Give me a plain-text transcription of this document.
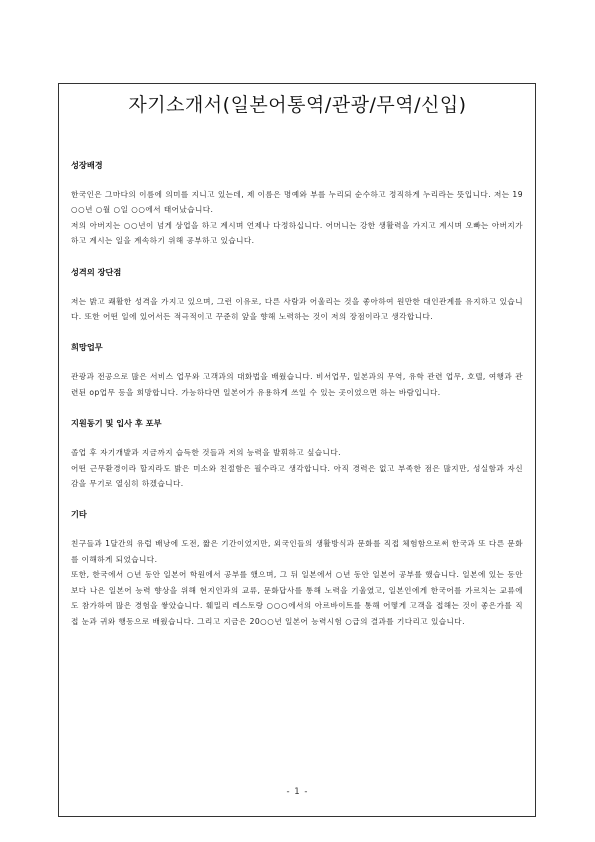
자기소개서(일본어통역/관광/무역/신입)

성장배경

한국인은 그마다의 이름에 의미를 지니고 있는데, 제 이름은 명예와 부를 누리되 순수하고 정직하게 누리라는 뜻입니다. 저는 19○○년 ○월 ○일 ○○에서 태어났습니다.

저의 아버지는 ○○년이 넘게 상업을 하고 계시며 언제나 다정하십니다. 어머니는 강한 생활력을 가지고 계시며 오빠는 아버지가 하고 계시는 일을 계속하기 위해 공부하고 있습니다.

성격의 장단점

저는 밝고 쾌활한 성격을 가지고 있으며, 그런 이유로, 다른 사람과 어울리는 것을 좋아하여 원만한 대인관계를 유지하고 있습니다. 또한 어떤 일에 있어서든 적극적이고 꾸준히 앞을 향해 노력하는 것이 저의 장점이라고 생각합니다.

희망업무

관광과 전공으로 많은 서비스 업무와 고객과의 대화법을 배웠습니다. 비서업무, 일본과의 무역, 유학 관련 업무, 호텔, 여행과 관련된 op업무 등을 희망합니다. 가능하다면 일본어가 유용하게 쓰일 수 있는 곳이었으면 하는 바람입니다.

지원동기 및 입사 후 포부

졸업 후 자기개발과 지금까지 습득한 것들과 저의 능력을 발휘하고 싶습니다.

어떤 근무환경이라 할지라도 밝은 미소와 친절함은 필수라고 생각합니다. 아직 경력은 없고 부족한 점은 많지만, 성실함과 자신감을 무기로 열심히 하겠습니다.

기타

친구들과 1달간의 유럽 배낭에 도전, 짧은 기간이었지만, 외국인들의 생활방식과 문화를 직접 체험함으로써 한국과 또 다른 문화를 이해하게 되었습니다.

또한, 한국에서 ○년 동안 일본어 학원에서 공부를 했으며, 그 뒤 일본에서 ○년 동안 일본어 공부를 했습니다. 일본에 있는 동안 보다 나은 일본어 능력 향상을 위해 현지인과의 교류, 문화답사를 통해 노력을 기울였고, 일본인에게 한국어를 가르치는 교류에도 참가하여 많은 경험을 쌓았습니다. 훼밀리 레스토랑 ○○○에서의 아르바이트를 통해 어떻게 고객을 접해는 것이 좋은가를 직접 눈과 귀와 행동으로 배웠습니다. 그리고 지금은 20○○년 일본어 능력시험 ○급의 결과를 기다리고 있습니다.

- 1 -
